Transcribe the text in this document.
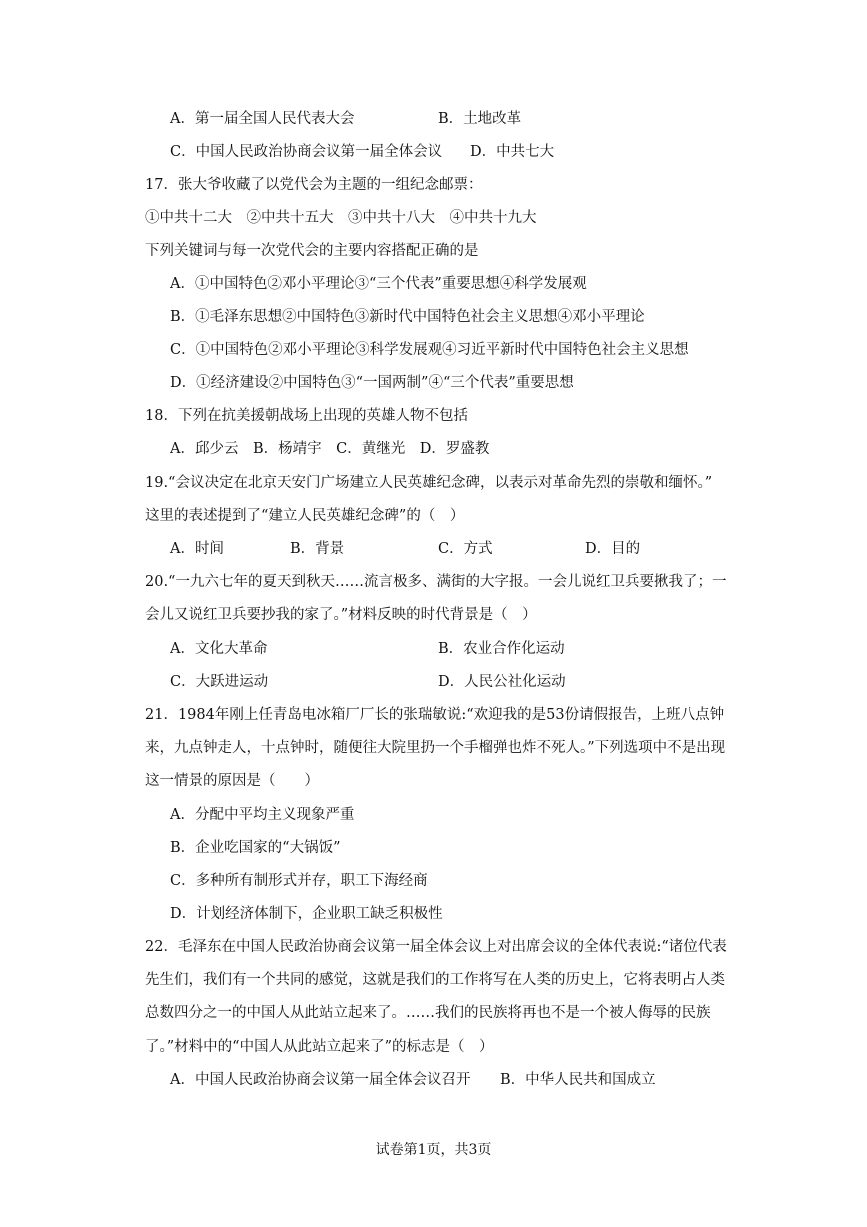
A．第一届全国人民代表大会	B．土地改革
C．中国人民政治协商会议第一届全体会议 D．中共七大
17．张大爷收藏了以党代会为主题的一组纪念邮票：
①中共十二大　②中共十五大　③中共十八大　④中共十九大
下列关键词与每一次党代会的主要内容搭配正确的是
A．①中国特色②邓小平理论③“三个代表”重要思想④科学发展观
B．①毛泽东思想②中国特色③新时代中国特色社会主义思想④邓小平理论
C．①中国特色②邓小平理论③科学发展观④习近平新时代中国特色社会主义思想
D．①经济建设②中国特色③“一国两制”④“三个代表”重要思想
18．下列在抗美援朝战场上出现的英雄人物不包括
A．邱少云　B．杨靖宇　C．黄继光　D．罗盛教
19.“会议决定在北京天安门广场建立人民英雄纪念碑，以表示对革命先烈的崇敬和缅怀。”
这里的表述提到了“建立人民英雄纪念碑”的（　）
A．时间	B．背景	C．方式	D．目的
20.“一九六七年的夏天到秋天……流言极多、满街的大字报。一会儿说红卫兵要揪我了；一
会儿又说红卫兵要抄我的家了。”材料反映的时代背景是（　）
A．文化大革命	B．农业合作化运动
C．大跃进运动	D．人民公社化运动
21．1984年刚上任青岛电冰箱厂厂长的张瑞敏说:“欢迎我的是53份请假报告，上班八点钟
来，九点钟走人，十点钟时，随便往大院里扔一个手榴弹也炸不死人。”下列选项中不是出现
这一情景的原因是（　　）
A．分配中平均主义现象严重
B．企业吃国家的“大锅饭”
C．多种所有制形式并存，职工下海经商
D．计划经济体制下，企业职工缺乏积极性
22．毛泽东在中国人民政治协商会议第一届全体会议上对出席会议的全体代表说:“诸位代表
先生们，我们有一个共同的感觉，这就是我们的工作将写在人类的历史上，它将表明占人类
总数四分之一的中国人从此站立起来了。……我们的民族将再也不是一个被人侮辱的民族
了。”材料中的“中国人从此站立起来了”的标志是（　）
A．中国人民政治协商会议第一届全体会议召开 B．中华人民共和国成立
试卷第1页，共3页
